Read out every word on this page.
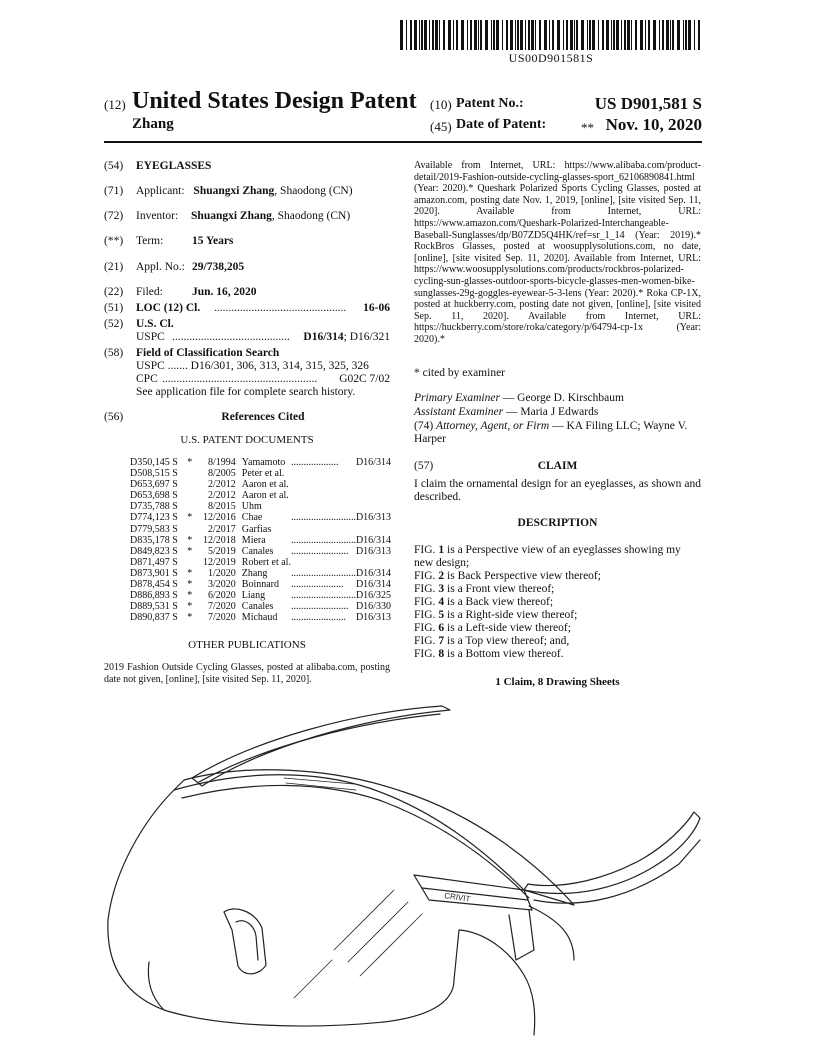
US00D901581S
(12) United States Design Patent
Zhang
(10) Patent No.:	US D901,581 S
(45) Date of Patent:	** Nov. 10, 2020
(54) EYEGLASSES
(71) Applicant: Shuangxi Zhang, Shaodong (CN)
(72) Inventor: Shuangxi Zhang, Shaodong (CN)
(**) Term: 15 Years
(21) Appl. No.: 29/738,205
(22) Filed:	Jun. 16, 2020
(51) LOC (12) Cl. ..............................................	16-06
(52) U.S. Cl.
USPC ......................................... D16/314; D16/321
(58) Field of Classification Search
USPC ....... D16/301, 306, 313, 314, 315, 325, 326
CPC ......................................................	G02C 7/02
See application file for complete search history.
(56)	References Cited
U.S. PATENT DOCUMENTS
D350,145 S	*	8/1994	Yamamoto	...................	D16/314
D508,515 S		8/2005	Peter et al.		
D653,697 S		2/2012	Aaron et al.		
D653,698 S		2/2012	Aaron et al.		
D735,788 S		8/2015	Uhm		
D774,123 S	*	12/2016	Chae	..........................	D16/313
D779,583 S		2/2017	Garfias		
D835,178 S	*	12/2018	Miera	..........................	D16/314
D849,823 S	*	5/2019	Canales	.......................	D16/313
D871,497 S		12/2019	Robert et al.		
D873,901 S	*	1/2020	Zhang	..........................	D16/314
D878,454 S	*	3/2020	Boinnard	.....................	D16/314
D886,893 S	*	6/2020	Liang	..........................	D16/325
D889,531 S	*	7/2020	Canales	.......................	D16/330
D890,837 S	*	7/2020	Michaud	......................	D16/313
OTHER PUBLICATIONS
2019 Fashion Outside Cycling Glasses, posted at alibaba.com, posting date not given, [online], [site visited Sep. 11, 2020].
Available from Internet, URL: https://www.alibaba.com/product-detail/2019-Fashion-outside-cycling-glasses-sport_62106890841.html (Year: 2020).* Queshark Polarized Sports Cycling Glasses, posted at amazon.com, posting date Nov. 1, 2019, [online], [site visited Sep. 11, 2020]. Available from Internet, URL: https://www.amazon.com/Queshark-Polarized-Interchangeable-Baseball-Sunglasses/dp/B07ZD5Q4HK/ref=sr_1_14 (Year: 2019).* RockBros Glasses, posted at woosupplysolutions.com, no date, [online], [site visited Sep. 11, 2020]. Available from Internet, URL: https://www.woosupplysolutions.com/products/rockbros-polarized-cycling-sun-glasses-outdoor-sports-bicycle-glasses-men-women-bike-sunglasses-29g-goggles-eyewear-5-3-lens (Year: 2020).* Roka CP-1X, posted at huckberry.com, posting date not given, [online], [site visited Sep. 11, 2020]. Available from Internet, URL: https://huckberry.com/store/roka/category/p/64794-cp-1x (Year: 2020).*
* cited by examiner
Primary Examiner — George D. Kirschbaum
Assistant Examiner — Maria J Edwards
(74) Attorney, Agent, or Firm — KA Filing LLC; Wayne V. Harper
(57)	CLAIM
I claim the ornamental design for an eyeglasses, as shown and described.
DESCRIPTION
FIG. 1 is a Perspective view of an eyeglasses showing my new design;
FIG. 2 is Back Perspective view thereof;
FIG. 3 is a Front view thereof;
FIG. 4 is a Back view thereof;
FIG. 5 is a Right-side view thereof;
FIG. 6 is a Left-side view thereof;
FIG. 7 is a Top view thereof; and,
FIG. 8 is a Bottom view thereof.
1 Claim, 8 Drawing Sheets
CRIVIT
